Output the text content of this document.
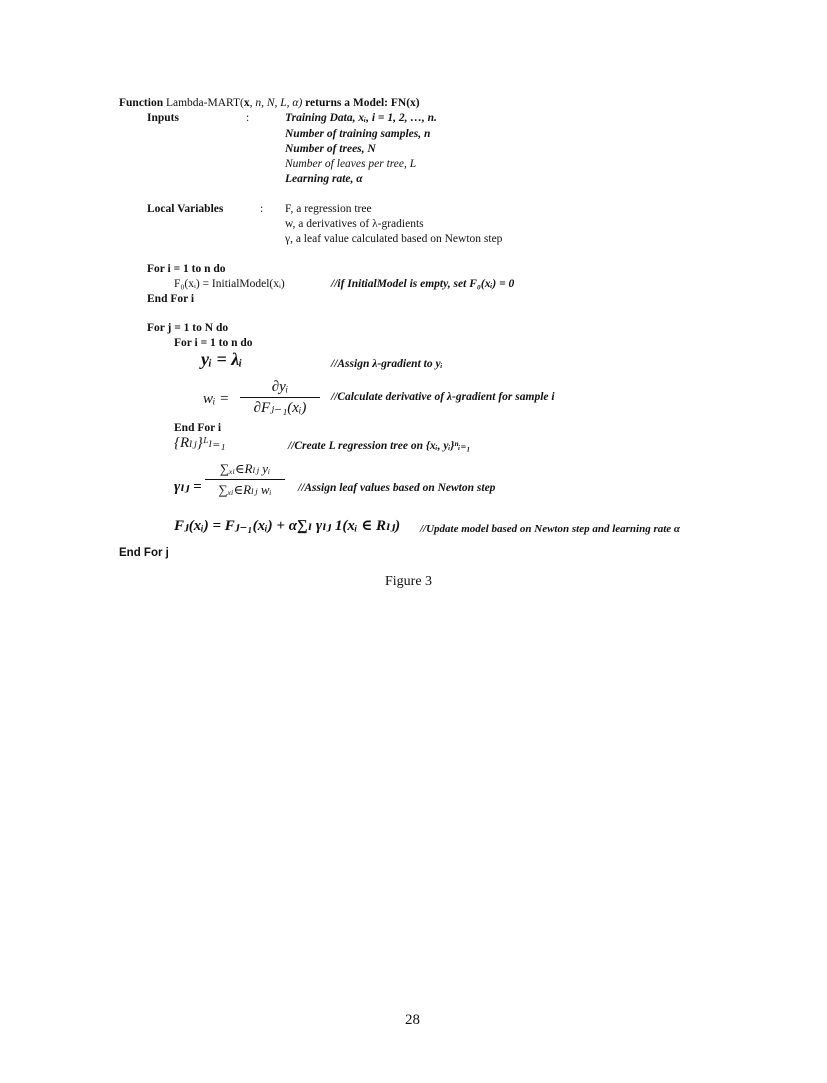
Function Lambda-MART(x, n, N, L, α) returns a Model: FN(x)
Inputs	:	Training Data, xᵢ, i = 1, 2, …, n.
Number of training samples, n
Number of trees, N
Number of leaves per tree, L
Learning rate, α
Local Variables	: F, a regression tree
w, a derivatives of λ-gradients
γ, a leaf value calculated based on Newton step
For i = 1 to n do
F₀(xᵢ) = InitialModel(xᵢ)	//if InitialModel is empty, set F₀(xᵢ) = 0
End For i
For j = 1 to N do
For i = 1 to n do
yᵢ = λᵢ	//Assign λ-gradient to yᵢ
wᵢ =
∂yᵢ
∂Fⱼ₋₁(xᵢ)
//Calculate derivative of λ-gradient for sample i
End For i
{Rₗⱼ}ᴸₗ₌₁	//Create L regression tree on {xᵢ, yᵢ}ⁿᵢ₌₁
γₗⱼ =
∑ₓᵢ∈Rₗⱼ yᵢ
∑ₓᵢ∈Rₗⱼ wᵢ	//Assign leaf values based on Newton step
Fⱼ(xᵢ) = Fⱼ₋₁(xᵢ) + α∑ₗ γₗⱼ 1(xᵢ ∈ Rₗⱼ) //Update model based on Newton step and learning rate α
End For j
Figure 3
28
